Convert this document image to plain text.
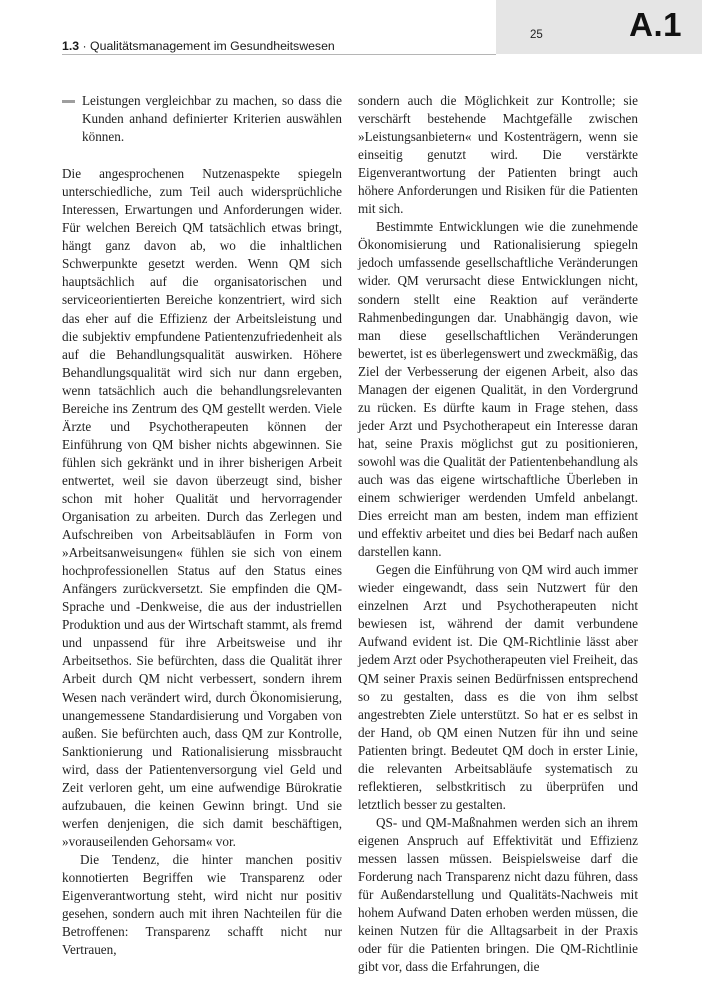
1.3 · Qualitätsmanagement im Gesundheitswesen
25	A.1

Leistungen vergleichbar zu machen, so dass die Kunden anhand definierter Kriterien auswählen können.

Die angesprochenen Nutzenaspekte spiegeln unterschiedliche, zum Teil auch widersprüchliche Interessen, Erwartungen und Anforderungen wider. Für welchen Bereich QM tatsächlich etwas bringt, hängt ganz davon ab, wo die inhaltlichen Schwerpunkte gesetzt werden. Wenn QM sich hauptsächlich auf die organisatorischen und serviceorientierten Bereiche konzentriert, wird sich das eher auf die Effizienz der Arbeitsleistung und die subjektiv empfundene Patientenzufriedenheit als auf die Behandlungsqualität auswirken. Höhere Behandlungsqualität wird sich nur dann ergeben, wenn tatsächlich auch die behandlungsrelevanten Bereiche ins Zentrum des QM gestellt werden. Viele Ärzte und Psychotherapeuten können der Einführung von QM bisher nichts abgewinnen. Sie fühlen sich gekränkt und in ihrer bisherigen Arbeit entwertet, weil sie davon überzeugt sind, bisher schon mit hoher Qualität und hervorragender Organisation zu arbeiten. Durch das Zerlegen und Aufschreiben von Arbeitsabläufen in Form von »Arbeitsanweisungen« fühlen sie sich von einem hochprofessionellen Status auf den Status eines Anfängers zurückversetzt. Sie empfinden die QM-Sprache und -Denkweise, die aus der industriellen Produktion und aus der Wirtschaft stammt, als fremd und unpassend für ihre Arbeitsweise und ihr Arbeitsethos. Sie befürchten, dass die Qualität ihrer Arbeit durch QM nicht verbessert, sondern ihrem Wesen nach verändert wird, durch Ökonomisierung, unangemessene Standardisierung und Vorgaben von außen. Sie befürchten auch, dass QM zur Kontrolle, Sanktionierung und Rationalisierung missbraucht wird, dass der Patientenversorgung viel Geld und Zeit verloren geht, um eine aufwendige Bürokratie aufzubauen, die keinen Gewinn bringt. Und sie werfen denjenigen, die sich damit beschäftigen, »vorauseilenden Gehorsam« vor.

Die Tendenz, die hinter manchen positiv konnotierten Begriffen wie Transparenz oder Eigenverantwortung steht, wird nicht nur positiv gesehen, sondern auch mit ihren Nachteilen für die Betroffenen: Transparenz schafft nicht nur Vertrauen,

sondern auch die Möglichkeit zur Kontrolle; sie verschärft bestehende Machtgefälle zwischen »Leistungsanbietern« und Kostenträgern, wenn sie einseitig genutzt wird. Die verstärkte Eigenverantwortung der Patienten bringt auch höhere Anforderungen und Risiken für die Patienten mit sich.

Bestimmte Entwicklungen wie die zunehmende Ökonomisierung und Rationalisierung spiegeln jedoch umfassende gesellschaftliche Veränderungen wider. QM verursacht diese Entwicklungen nicht, sondern stellt eine Reaktion auf veränderte Rahmenbedingungen dar. Unabhängig davon, wie man diese gesellschaftlichen Veränderungen bewertet, ist es überlegenswert und zweckmäßig, das Ziel der Verbesserung der eigenen Arbeit, also das Managen der eigenen Qualität, in den Vordergrund zu rücken. Es dürfte kaum in Frage stehen, dass jeder Arzt und Psychotherapeut ein Interesse daran hat, seine Praxis möglichst gut zu positionieren, sowohl was die Qualität der Patientenbehandlung als auch was das eigene wirtschaftliche Überleben in einem schwieriger werdenden Umfeld anbelangt. Dies erreicht man am besten, indem man effizient und effektiv arbeitet und dies bei Bedarf nach außen darstellen kann.

Gegen die Einführung von QM wird auch immer wieder eingewandt, dass sein Nutzwert für den einzelnen Arzt und Psychotherapeuten nicht bewiesen ist, während der damit verbundene Aufwand evident ist. Die QM-Richtlinie lässt aber jedem Arzt oder Psychotherapeuten viel Freiheit, das QM seiner Praxis seinen Bedürfnissen entsprechend so zu gestalten, dass es die von ihm selbst angestrebten Ziele unterstützt. So hat er es selbst in der Hand, ob QM einen Nutzen für ihn und seine Patienten bringt. Bedeutet QM doch in erster Linie, die relevanten Arbeitsabläufe systematisch zu reflektieren, selbstkritisch zu überprüfen und letztlich besser zu gestalten.

QS- und QM-Maßnahmen werden sich an ihrem eigenen Anspruch auf Effektivität und Effizienz messen lassen müssen. Beispielsweise darf die Forderung nach Transparenz nicht dazu führen, dass für Außendarstellung und Qualitäts-Nachweis mit hohem Aufwand Daten erhoben werden müssen, die keinen Nutzen für die Alltagsarbeit in der Praxis oder für die Patienten bringen. Die QM-Richtlinie gibt vor, dass die Erfahrungen, die
